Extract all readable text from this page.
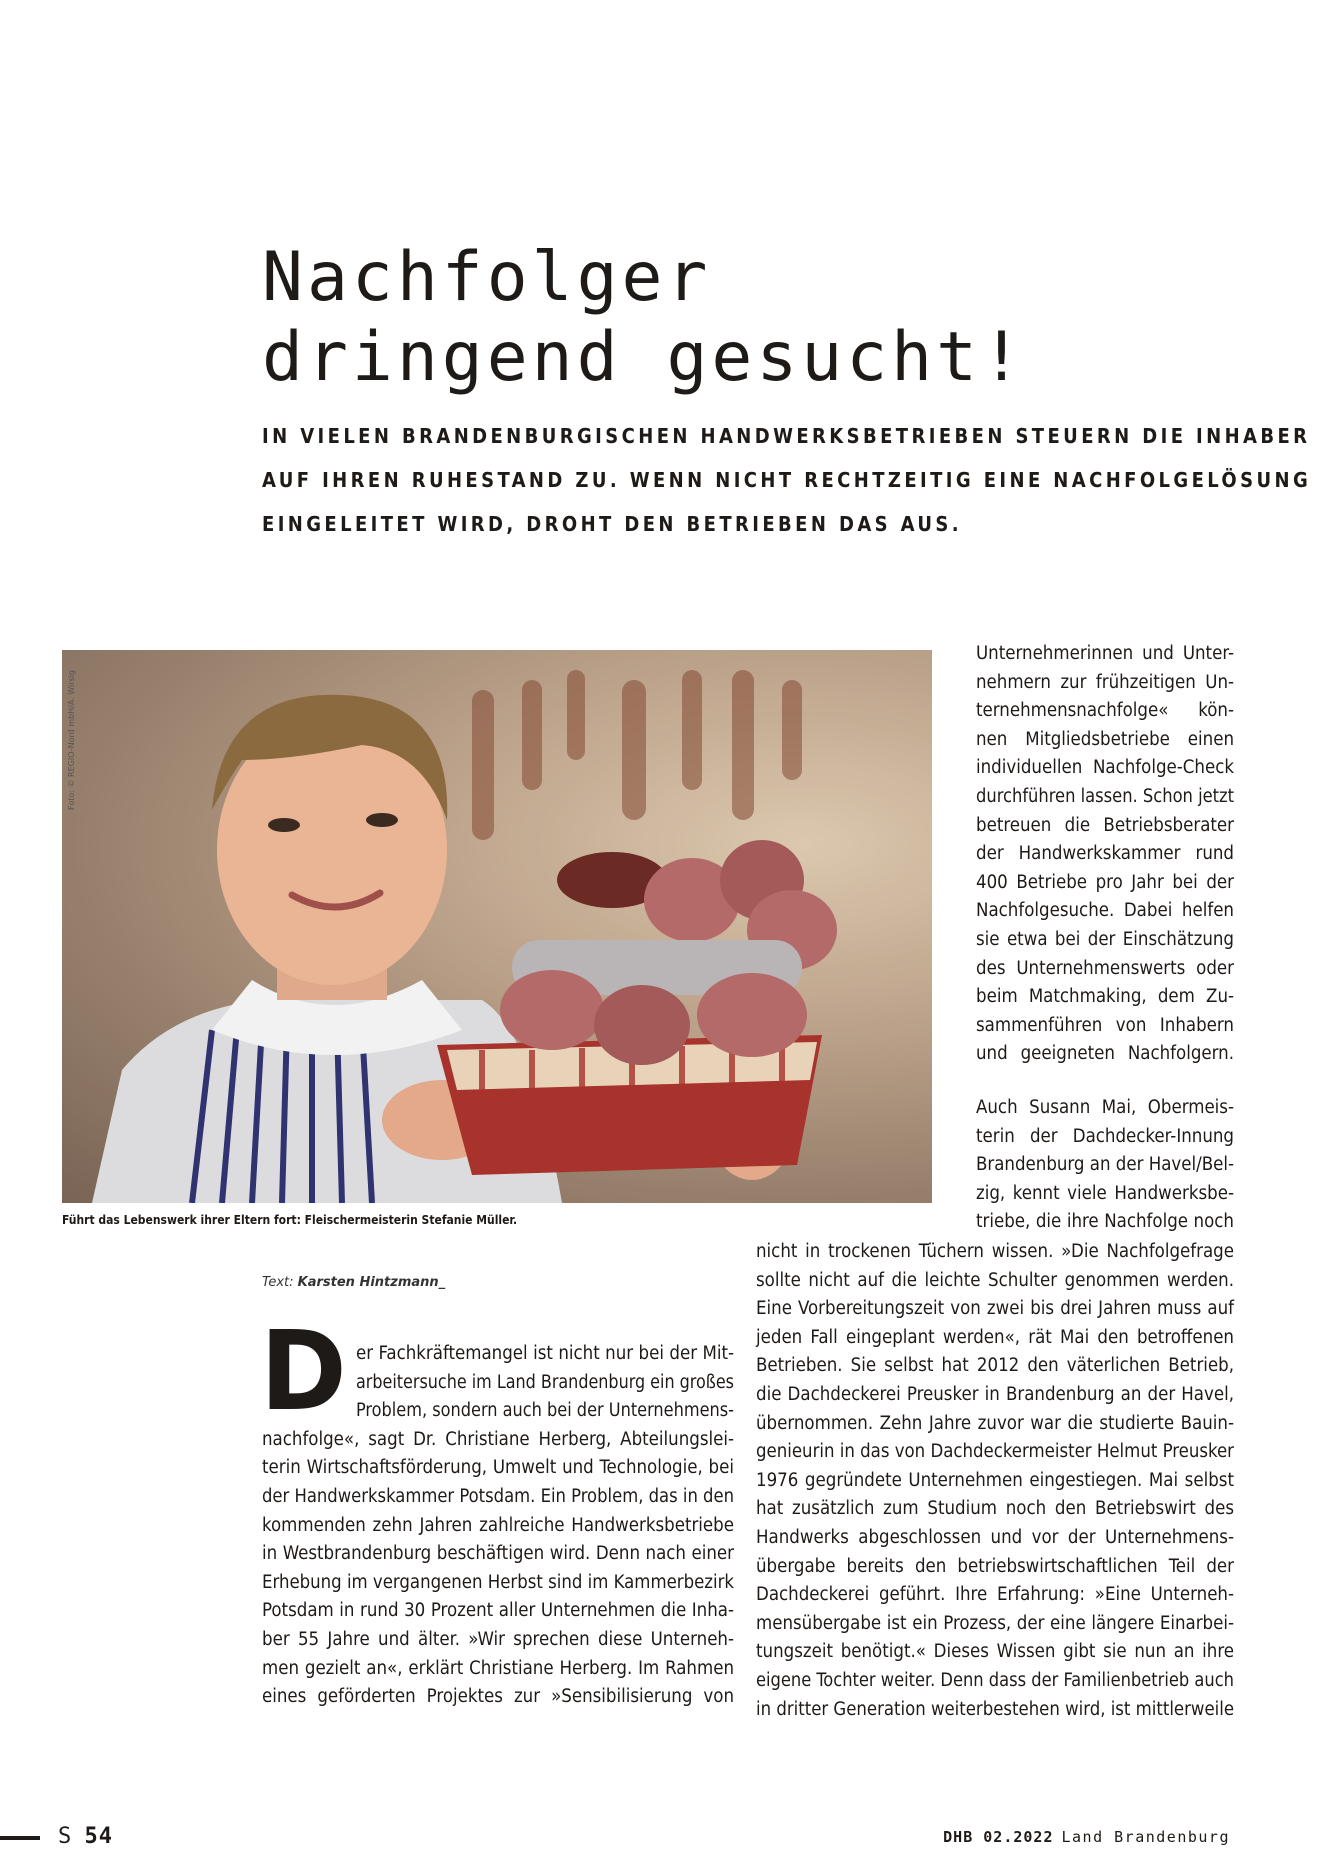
Nachfolger
dringend gesucht!

IN VIELEN BRANDENBURGISCHEN HANDWERKSBETRIEBEN STEUERN DIE INHABER
AUF IHREN RUHESTAND ZU. WENN NICHT RECHTZEITIG EINE NACHFOLGELÖSUNG
EINGELEITET WIRD, DROHT DEN BETRIEBEN DAS AUS.

Foto: © REGIO-Nord mbH/A. Wirsig
Führt das Lebenswerk ihrer Eltern fort: Fleischermeisterin Stefanie Müller.
Text: Karsten Hintzmann_
D er Fachkräftemangel ist nicht nur bei der Mit-
arbeitersuche im Land Brandenburg ein großes
Problem, sondern auch bei der Unternehmens-
nachfolge«, sagt Dr. Christiane Herberg, Abteilungslei-
terin Wirtschaftsförderung, Umwelt und Technologie, bei
der Handwerkskammer Potsdam. Ein Problem, das in den
kommenden zehn Jahren zahlreiche Handwerksbetriebe
in Westbrandenburg beschäftigen wird. Denn nach einer
Erhebung im vergangenen Herbst sind im Kammerbezirk
Potsdam in rund 30 Prozent aller Unternehmen die Inha-
ber 55 Jahre und älter. »Wir sprechen diese Unterneh-
men gezielt an«, erklärt Christiane Herberg. Im Rahmen
eines geförderten Projektes zur »Sensibilisierung von
Unternehmerinnen und Unter-
nehmern zur frühzeitigen Un-
ternehmensnachfolge« kön-
nen Mitgliedsbetriebe einen
individuellen Nachfolge-Check
durchführen lassen. Schon jetzt
betreuen die Betriebsberater
der Handwerkskammer rund
400 Betriebe pro Jahr bei der
Nachfolgesuche. Dabei helfen
sie etwa bei der Einschätzung
des Unternehmenswerts oder
beim Matchmaking, dem Zu-
sammenführen von Inhabern
und geeigneten Nachfolgern.
Auch Susann Mai, Obermeis-
terin der Dachdecker-Innung
Brandenburg an der Havel/Bel-
zig, kennt viele Handwerksbe-
triebe, die ihre Nachfolge noch
nicht in trockenen Tüchern wissen. »Die Nachfolgefrage
sollte nicht auf die leichte Schulter genommen werden.
Eine Vorbereitungszeit von zwei bis drei Jahren muss auf
jeden Fall eingeplant werden«, rät Mai den betroffenen
Betrieben. Sie selbst hat 2012 den väterlichen Betrieb,
die Dachdeckerei Preusker in Brandenburg an der Havel,
übernommen. Zehn Jahre zuvor war die studierte Bauin-
genieurin in das von Dachdeckermeister Helmut Preusker
1976 gegründete Unternehmen eingestiegen. Mai selbst
hat zusätzlich zum Studium noch den Betriebswirt des
Handwerks abgeschlossen und vor der Unternehmens-
übergabe bereits den betriebswirtschaftlichen Teil der
Dachdeckerei geführt. Ihre Erfahrung: »Eine Unterneh-
mensübergabe ist ein Prozess, der eine längere Einarbei-
tungszeit benötigt.« Dieses Wissen gibt sie nun an ihre
eigene Tochter weiter. Denn dass der Familienbetrieb auch
in dritter Generation weiterbestehen wird, ist mittlerweile
S 54	DHB 02.2022 Land Brandenburg
